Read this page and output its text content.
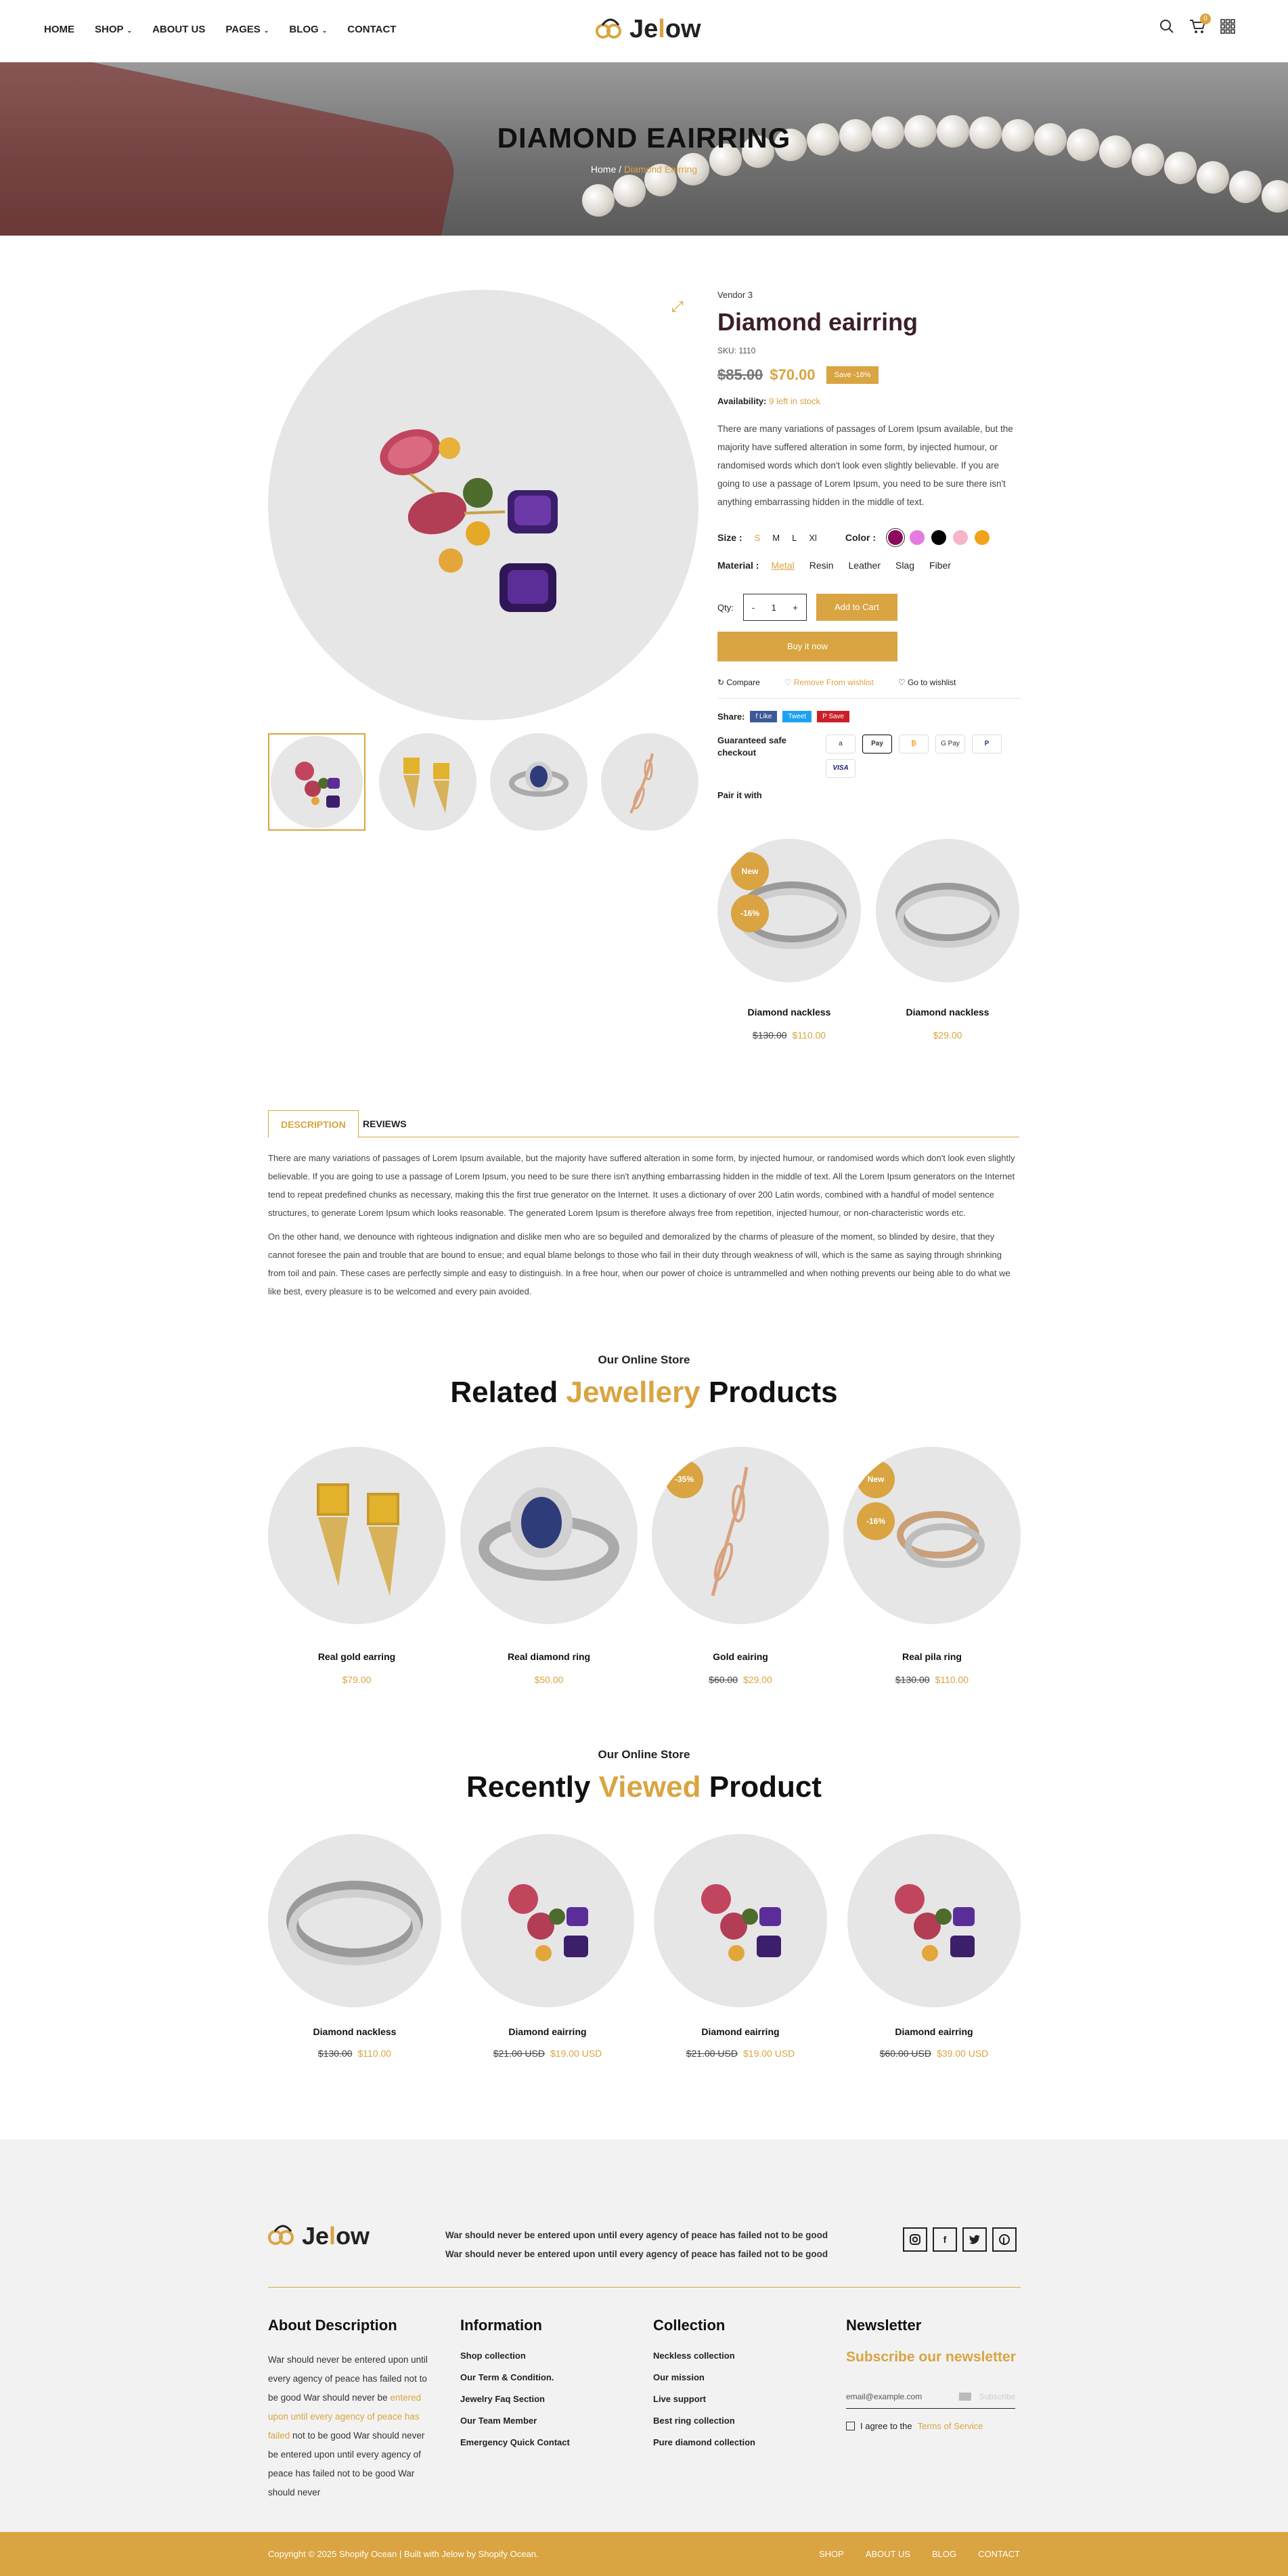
HOME SHOP ⌄ ABOUT US PAGES ⌄ BLOG ⌄ CONTACT	Jelow	0
DIAMOND EAIRRING
Home / Diamond Eairring
⤢
Vendor 3
Diamond eairring
SKU: 1110
$85.00 $70.00	Save -18%
Availability: 9 left in stock

There are many variations of passages of Lorem Ipsum available, but the majority have suffered alteration in some form, by injected humour, or randomised words which don't look even slightly believable. If you are going to use a passage of Lorem Ipsum, you need to be sure there isn't anything embarrassing hidden in the middle of text.

Size : S M L Xl	Color :
Material : Metal Resin Leather Slag Fiber
Qty: - 1 +	Add to Cart
Buy it now
↻ Compare	♡ Remove From wishlist	♡ Go to wishlist
Share:	f Like	Tweet	P Save
Guaranteed safe checkout
a	Pay	₿	G Pay	P
VISA
Pair it with
New
-16%
Diamond nackless
$130.00 $110.00
Diamond nackless
$29.00
DESCRIPTION	REVIEWS

There are many variations of passages of Lorem Ipsum available, but the majority have suffered alteration in some form, by injected humour, or randomised words which don't look even slightly believable. If you are going to use a passage of Lorem Ipsum, you need to be sure there isn't anything embarrassing hidden in the middle of text. All the Lorem Ipsum generators on the Internet tend to repeat predefined chunks as necessary, making this the first true generator on the Internet. It uses a dictionary of over 200 Latin words, combined with a handful of model sentence structures, to generate Lorem Ipsum which looks reasonable. The generated Lorem Ipsum is therefore always free from repetition, injected humour, or non-characteristic words etc.

On the other hand, we denounce with righteous indignation and dislike men who are so beguiled and demoralized by the charms of pleasure of the moment, so blinded by desire, that they cannot foresee the pain and trouble that are bound to ensue; and equal blame belongs to those who fail in their duty through weakness of will, which is the same as saying through shrinking from toil and pain. These cases are perfectly simple and easy to distinguish. In a free hour, when our power of choice is untrammelled and when nothing prevents our being able to do what we like best, every pleasure is to be welcomed and every pain avoided.

Our Online Store
Related Jewellery Products
Real gold earring
$79.00
Real diamond ring
$50.00
-35%
Gold eairing
$60.00 $29.00
New
-16%
Real pila ring
$130.00 $110.00
Our Online Store
Recently Viewed Product
Diamond nackless
$130.00 $110.00
Diamond eairring
$21.00 USD $19.00 USD
Diamond eairring
$21.00 USD $19.00 USD
Diamond eairring
$60.00 USD $39.00 USD
Jelow	War should never be entered upon until every agency of peace has failed not to be good War should never be entered upon until every agency of peace has failed not to be good

f
About Description

War should never be entered upon until every agency of peace has failed not to be good War should never be entered upon until every agency of peace has failed not to be good War should never be entered upon until every agency of peace has failed not to be good War should never

Information
Shop collection
Our Term & Condition.
Jewelry Faq Section
Our Team Member
Emergency Quick Contact
Collection
Neckless collection
Our mission
Live support
Best ring collection
Pure diamond collection
Newsletter
Subscribe our newsletter
email@example.com	Subscribe
I agree to the Terms of Service
Copyright © 2025 Shopify Ocean | Built with Jelow by Shopify Ocean.	SHOP ABOUT US BLOG CONTACT
